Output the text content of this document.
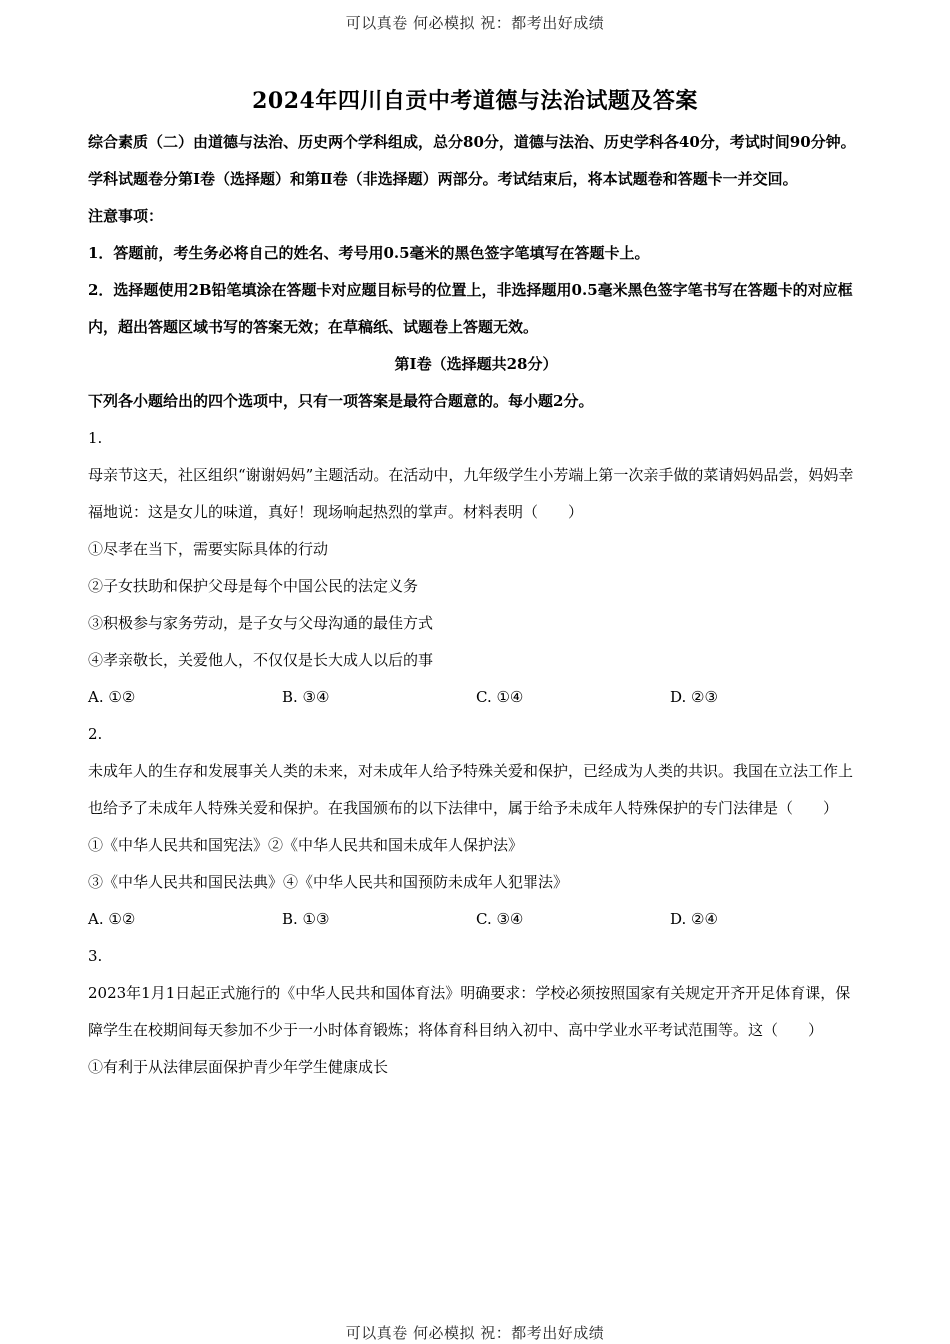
可以真卷 何必模拟 祝：都考出好成绩
2024年四川自贡中考道德与法治试题及答案

综合素质（二）由道德与法治、历史两个学科组成，总分80分，道德与法治、历史学科各40分，考试时间90分钟。学科试题卷分第Ⅰ卷（选择题）和第Ⅱ卷（非选择题）两部分。考试结束后，将本试题卷和答题卡一并交回。

注意事项：

1．答题前，考生务必将自己的姓名、考号用0.5毫米的黑色签字笔填写在答题卡上。

2．选择题使用2B铅笔填涂在答题卡对应题目标号的位置上，非选择题用0.5毫米黑色签字笔书写在答题卡的对应框内，超出答题区域书写的答案无效；在草稿纸、试题卷上答题无效。

第Ⅰ卷（选择题共28分）

下列各小题给出的四个选项中，只有一项答案是最符合题意的。每小题2分。

1.

母亲节这天，社区组织“谢谢妈妈”主题活动。在活动中，九年级学生小芳端上第一次亲手做的菜请妈妈品尝，妈妈幸福地说：这是女儿的味道，真好！现场响起热烈的掌声。材料表明（　　）

①尽孝在当下，需要实际具体的行动

②子女扶助和保护父母是每个中国公民的法定义务

③积极参与家务劳动，是子女与父母沟通的最佳方式

④孝亲敬长，关爱他人，不仅仅是长大成人以后的事

A. ①②	B. ③④	C. ①④	D. ②③

2.

未成年人的生存和发展事关人类的未来，对未成年人给予特殊关爱和保护，已经成为人类的共识。我国在立法工作上也给予了未成年人特殊关爱和保护。在我国颁布的以下法律中，属于给予未成年人特殊保护的专门法律是（　　）

①《中华人民共和国宪法》②《中华人民共和国未成年人保护法》

③《中华人民共和国民法典》④《中华人民共和国预防未成年人犯罪法》

A. ①②	B. ①③	C. ③④	D. ②④

3.

2023年1月1日起正式施行的《中华人民共和国体育法》明确要求：学校必须按照国家有关规定开齐开足体育课，保障学生在校期间每天参加不少于一小时体育锻炼；将体育科目纳入初中、高中学业水平考试范围等。这（　　）

①有利于从法律层面保护青少年学生健康成长

可以真卷 何必模拟 祝：都考出好成绩
